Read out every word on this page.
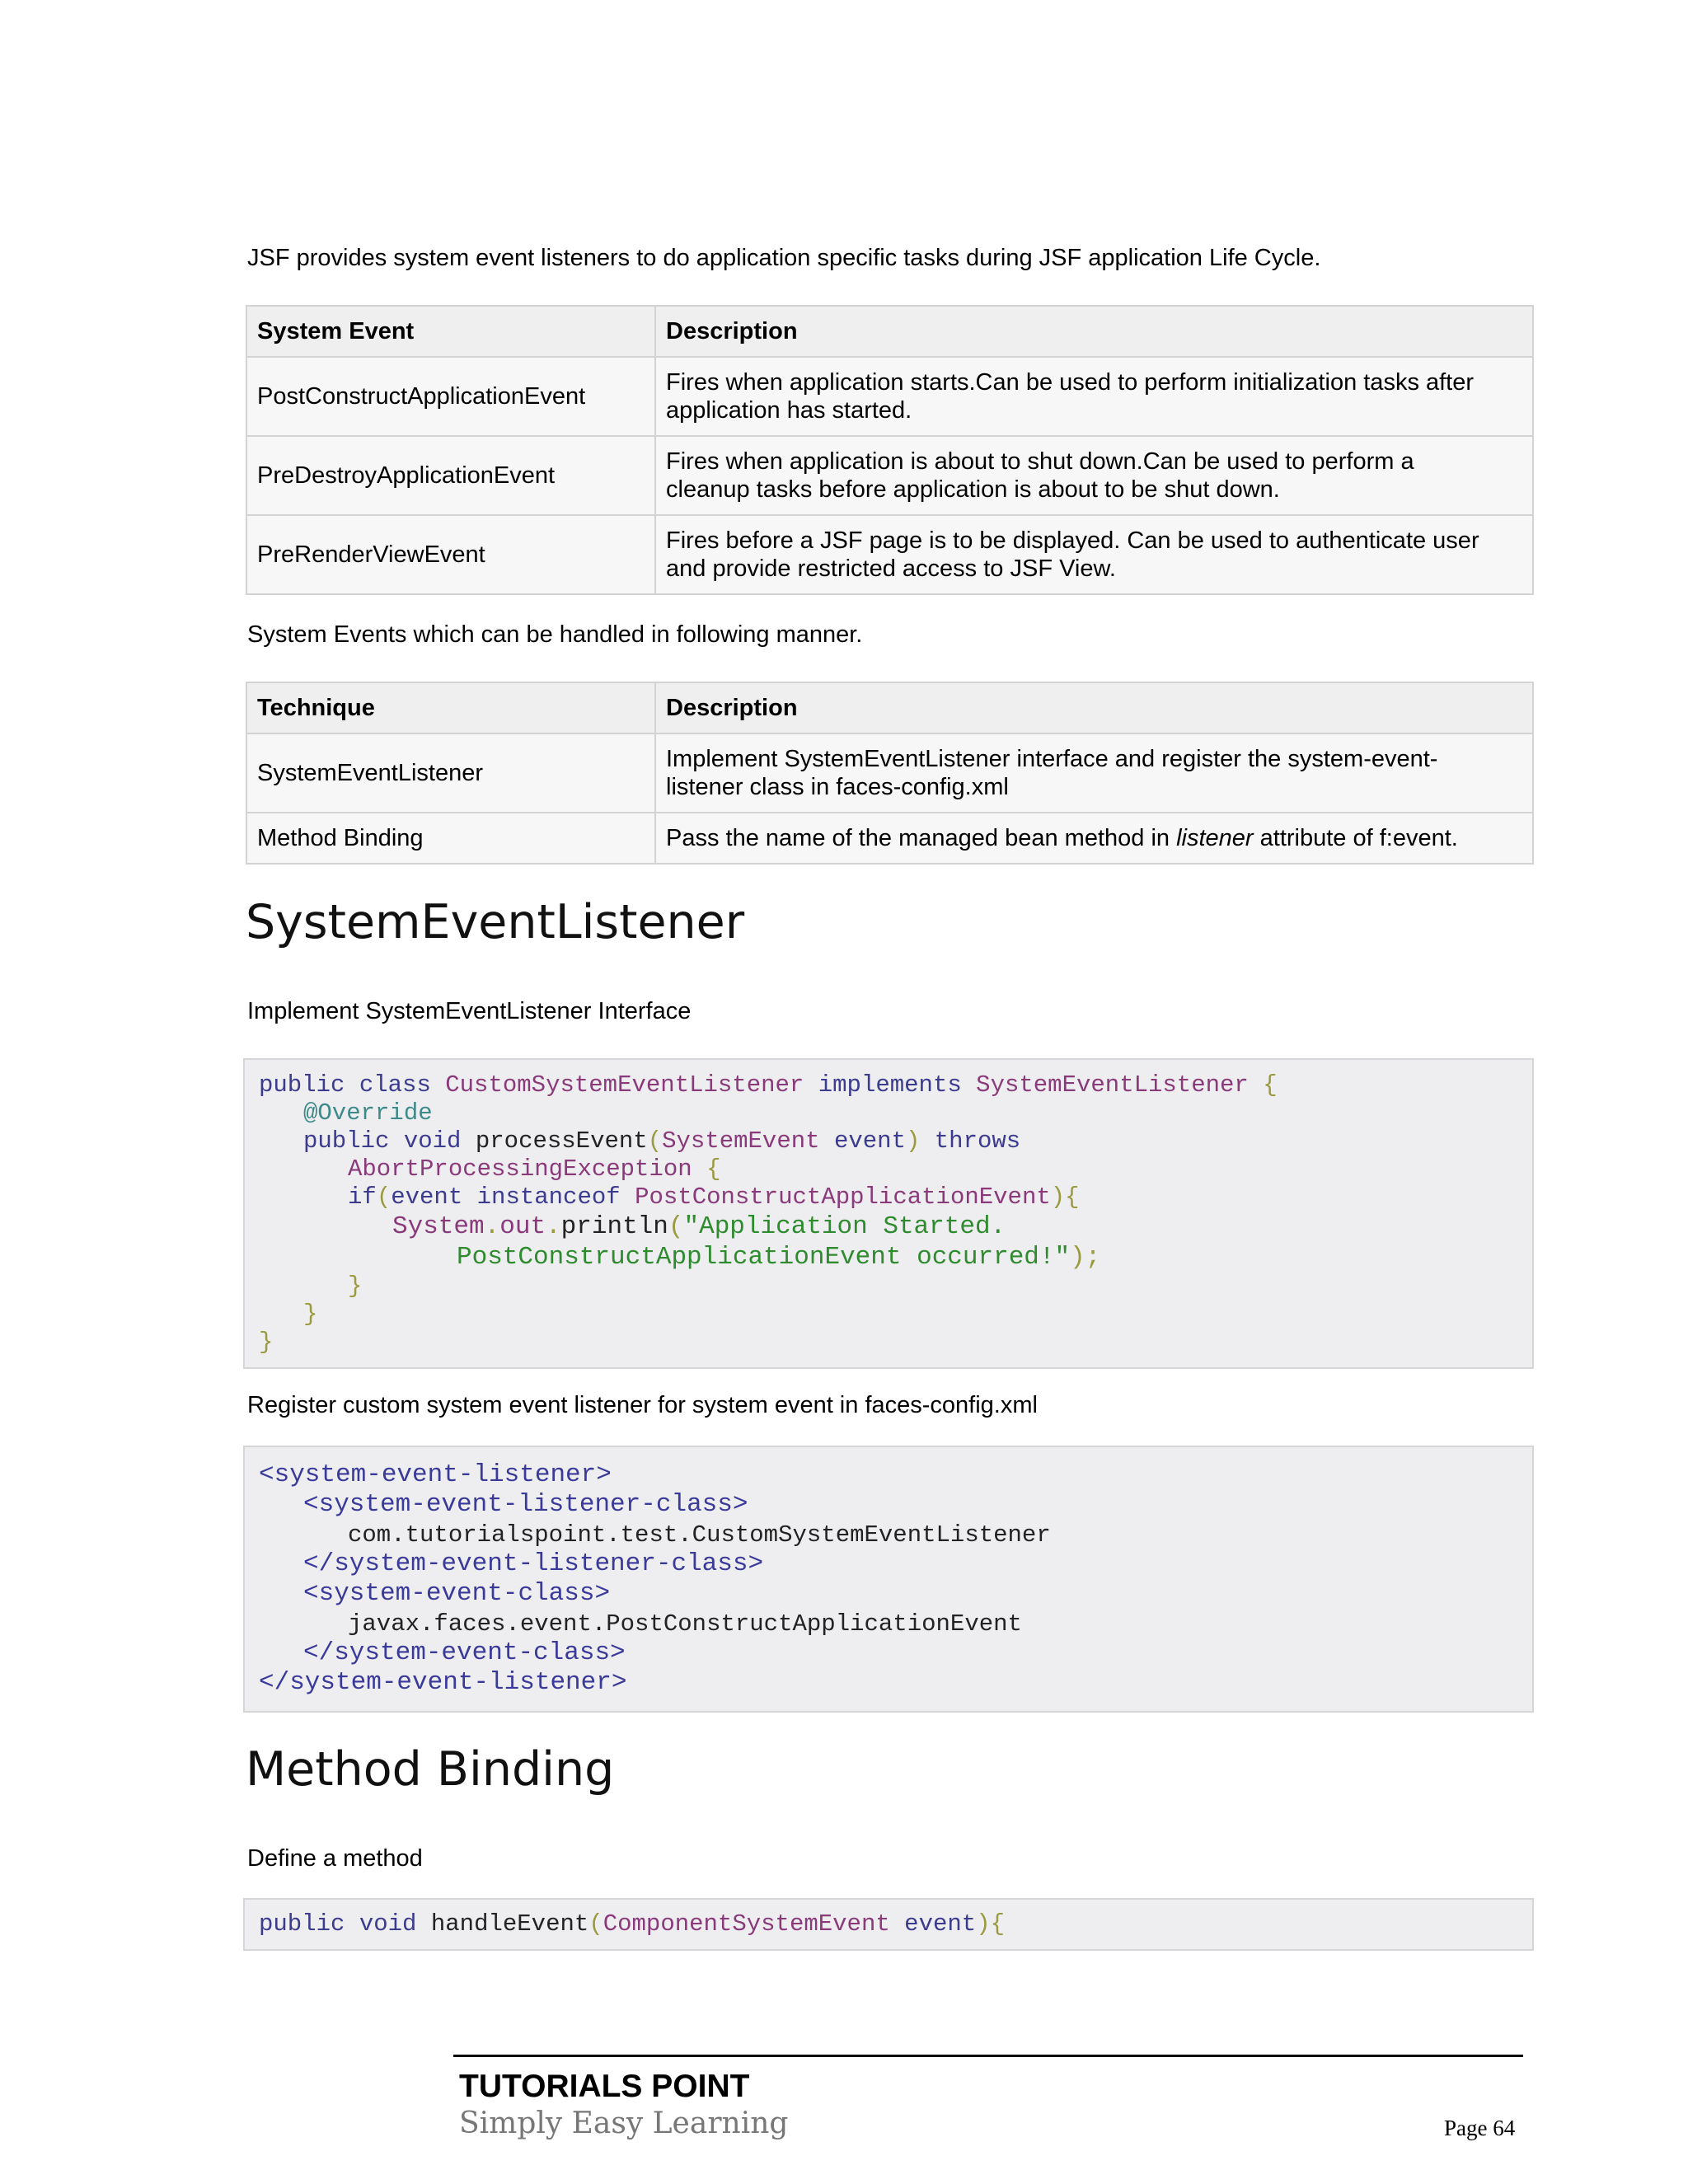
JSF provides system event listeners to do application specific tasks during JSF application Life Cycle.
System Event	Description
PostConstructApplicationEvent	Fires when application starts.Can be used to perform initialization tasks after
application has started.
PreDestroyApplicationEvent	Fires when application is about to shut down.Can be used to perform a
cleanup tasks before application is about to be shut down.
PreRenderViewEvent	Fires before a JSF page is to be displayed. Can be used to authenticate user
and provide restricted access to JSF View.
System Events which can be handled in following manner.
Technique	Description
SystemEventListener	Implement SystemEventListener interface and register the system-event-
listener class in faces-config.xml
Method Binding	Pass the name of the managed bean method in listener attribute of f:event.
SystemEventListener
Implement SystemEventListener Interface
public class CustomSystemEventListener implements SystemEventListener {
@Override
public void processEvent(SystemEvent event) throws
AbortProcessingException {
if(event instanceof PostConstructApplicationEvent){
System.out.println("Application Started.
PostConstructApplicationEvent occurred!");
}
}
}
Register custom system event listener for system event in faces-config.xml
<system-event-listener>
<system-event-listener-class>
com.tutorialspoint.test.CustomSystemEventListener
</system-event-listener-class>
<system-event-class>
javax.faces.event.PostConstructApplicationEvent
</system-event-class>
</system-event-listener>
Method Binding
Define a method
public void handleEvent(ComponentSystemEvent event){
TUTORIALS POINT
Simply Easy Learning	Page 64
